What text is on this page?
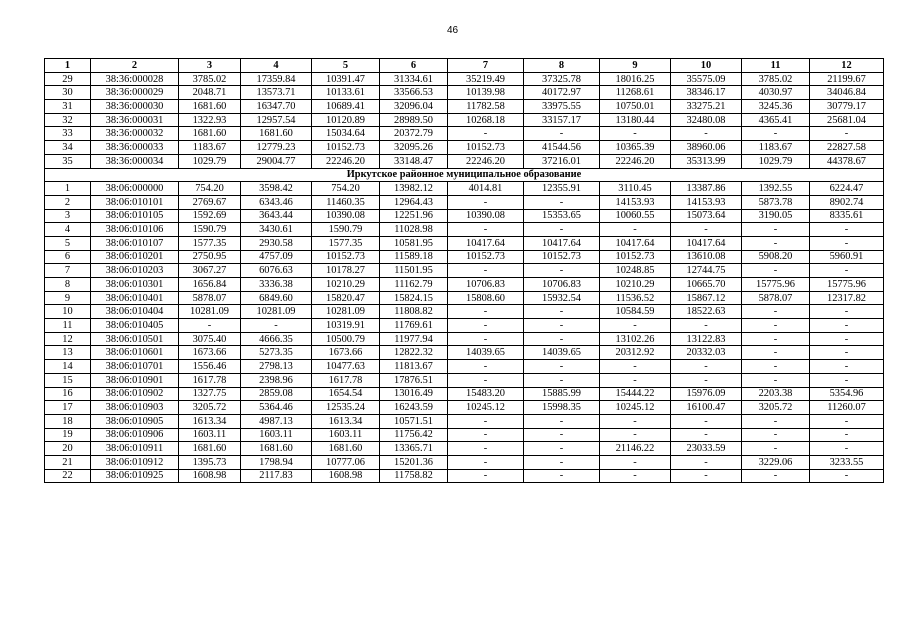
46
1	2	3	4	5	6	7	8	9	10	11	12
29	38:36:000028	3785.02	17359.84	10391.47	31334.61	35219.49	37325.78	18016.25	35575.09	3785.02	21199.67
30	38:36:000029	2048.71	13573.71	10133.61	33566.53	10139.98	40172.97	11268.61	38346.17	4030.97	34046.84
31	38:36:000030	1681.60	16347.70	10689.41	32096.04	11782.58	33975.55	10750.01	33275.21	3245.36	30779.17
32	38:36:000031	1322.93	12957.54	10120.89	28989.50	10268.18	33157.17	13180.44	32480.08	4365.41	25681.04
33	38:36:000032	1681.60	1681.60	15034.64	20372.79	-	-	-	-	-	-
34	38:36:000033	1183.67	12779.23	10152.73	32095.26	10152.73	41544.56	10365.39	38960.06	1183.67	22827.58
35	38:36:000034	1029.79	29004.77	22246.20	33148.47	22246.20	37216.01	22246.20	35313.99	1029.79	44378.67
Иркутское районное муниципальное образование											
1	38:06:000000	754.20	3598.42	754.20	13982.12	4014.81	12355.91	3110.45	13387.86	1392.55	6224.47
2	38:06:010101	2769.67	6343.46	11460.35	12964.43	-	-	14153.93	14153.93	5873.78	8902.74
3	38:06:010105	1592.69	3643.44	10390.08	12251.96	10390.08	15353.65	10060.55	15073.64	3190.05	8335.61
4	38:06:010106	1590.79	3430.61	1590.79	11028.98	-	-	-	-	-	-
5	38:06:010107	1577.35	2930.58	1577.35	10581.95	10417.64	10417.64	10417.64	10417.64	-	-
6	38:06:010201	2750.95	4757.09	10152.73	11589.18	10152.73	10152.73	10152.73	13610.08	5908.20	5960.91
7	38:06:010203	3067.27	6076.63	10178.27	11501.95	-	-	10248.85	12744.75	-	-
8	38:06:010301	1656.84	3336.38	10210.29	11162.79	10706.83	10706.83	10210.29	10665.70	15775.96	15775.96
9	38:06:010401	5878.07	6849.60	15820.47	15824.15	15808.60	15932.54	11536.52	15867.12	5878.07	12317.82
10	38:06:010404	10281.09	10281.09	10281.09	11808.82	-	-	10584.59	18522.63	-	-
11	38:06:010405	-	-	10319.91	11769.61	-	-	-	-	-	-
12	38:06:010501	3075.40	4666.35	10500.79	11977.94	-	-	13102.26	13122.83	-	-
13	38:06:010601	1673.66	5273.35	1673.66	12822.32	14039.65	14039.65	20312.92	20332.03	-	-
14	38:06:010701	1556.46	2798.13	10477.63	11813.67	-	-	-	-	-	-
15	38:06:010901	1617.78	2398.96	1617.78	17876.51	-	-	-	-	-	-
16	38:06:010902	1327.75	2859.08	1654.54	13016.49	15483.20	15885.99	15444.22	15976.09	2203.38	5354.96
17	38:06:010903	3205.72	5364.46	12535.24	16243.59	10245.12	15998.35	10245.12	16100.47	3205.72	11260.07
18	38:06:010905	1613.34	4987.13	1613.34	10571.51	-	-	-	-	-	-
19	38:06:010906	1603.11	1603.11	1603.11	11756.42	-	-	-	-	-	-
20	38:06:010911	1681.60	1681.60	1681.60	13365.71	-	-	21146.22	23033.59	-	-
21	38:06:010912	1395.73	1798.94	10777.06	15201.36	-	-	-	-	3229.06	3233.55
22	38:06:010925	1608.98	2117.83	1608.98	11758.82	-	-	-	-	-	-
